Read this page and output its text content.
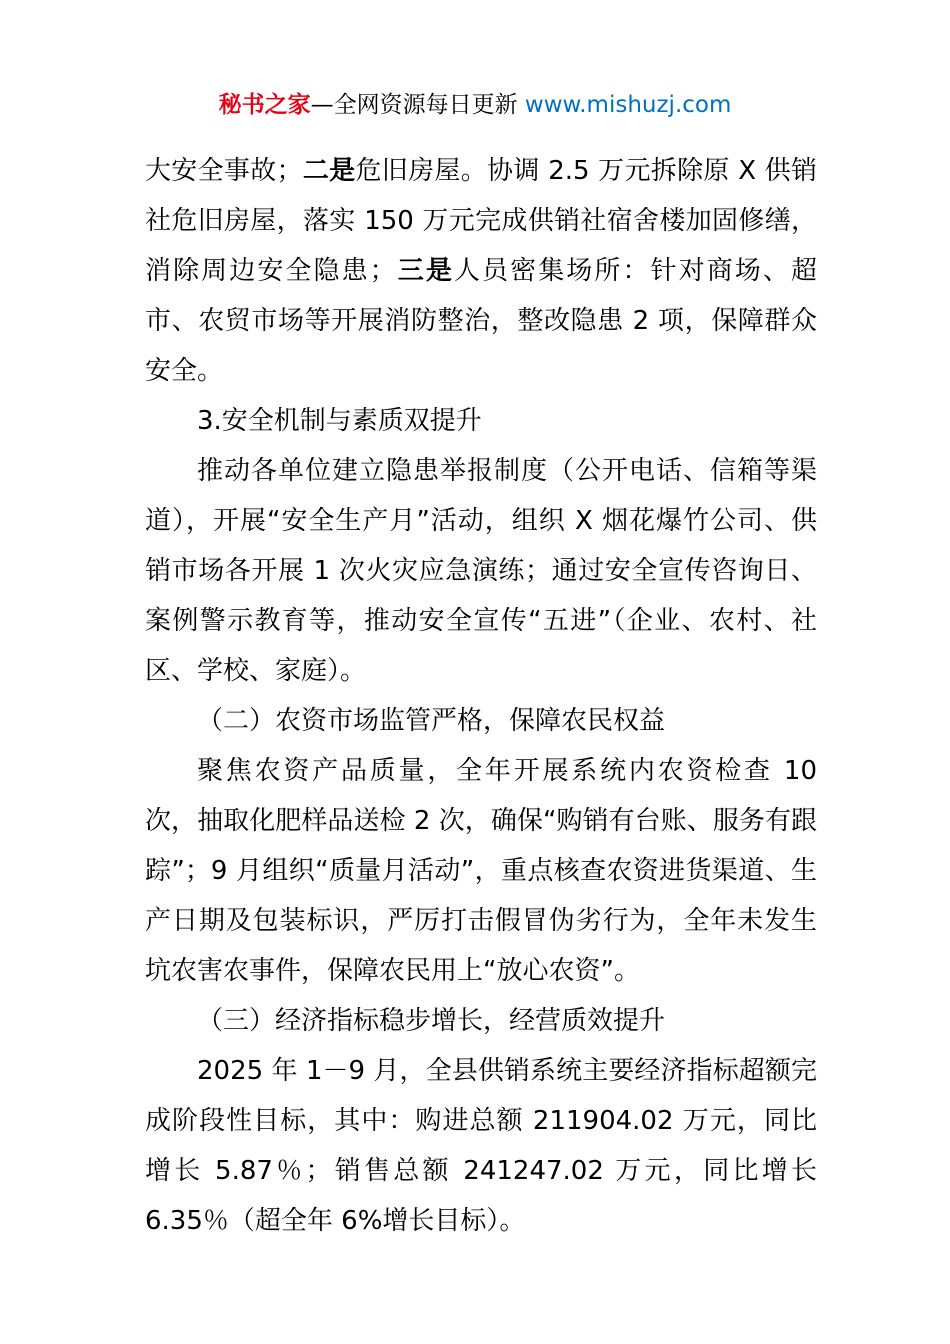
秘书之家—全网资源每日更新 www.mishuzj.com

大安全事故；二是危旧房屋。协调 2.5 万元拆除原 X 供销社危旧房屋，落实 150 万元完成供销社宿舍楼加固修缮，消除周边安全隐患；三是人员密集场所：针对商场、超市、农贸市场等开展消防整治，整改隐患 2 项，保障群众安全。

3.安全机制与素质双提升

推动各单位建立隐患举报制度（公开电话、信箱等渠道），开展“安全生产月”活动，组织 X 烟花爆竹公司、供销市场各开展 1 次火灾应急演练；通过安全宣传咨询日、案例警示教育等，推动安全宣传“五进”（企业、农村、社区、学校、家庭）。

（二）农资市场监管严格，保障农民权益

聚焦农资产品质量，全年开展系统内农资检查 10 次，抽取化肥样品送检 2 次，确保“购销有台账、服务有跟踪”；9 月组织“质量月活动”，重点核查农资进货渠道、生产日期及包装标识，严厉打击假冒伪劣行为，全年未发生坑农害农事件，保障农民用上“放心农资”。

（三）经济指标稳步增长，经营质效提升

2025 年 1－9 月，全县供销系统主要经济指标超额完成阶段性目标，其中：购进总额 211904.02 万元，同比增长 5.87％；销售总额 241247.02 万元，同比增长 6.35％（超全年 6%增长目标）。
